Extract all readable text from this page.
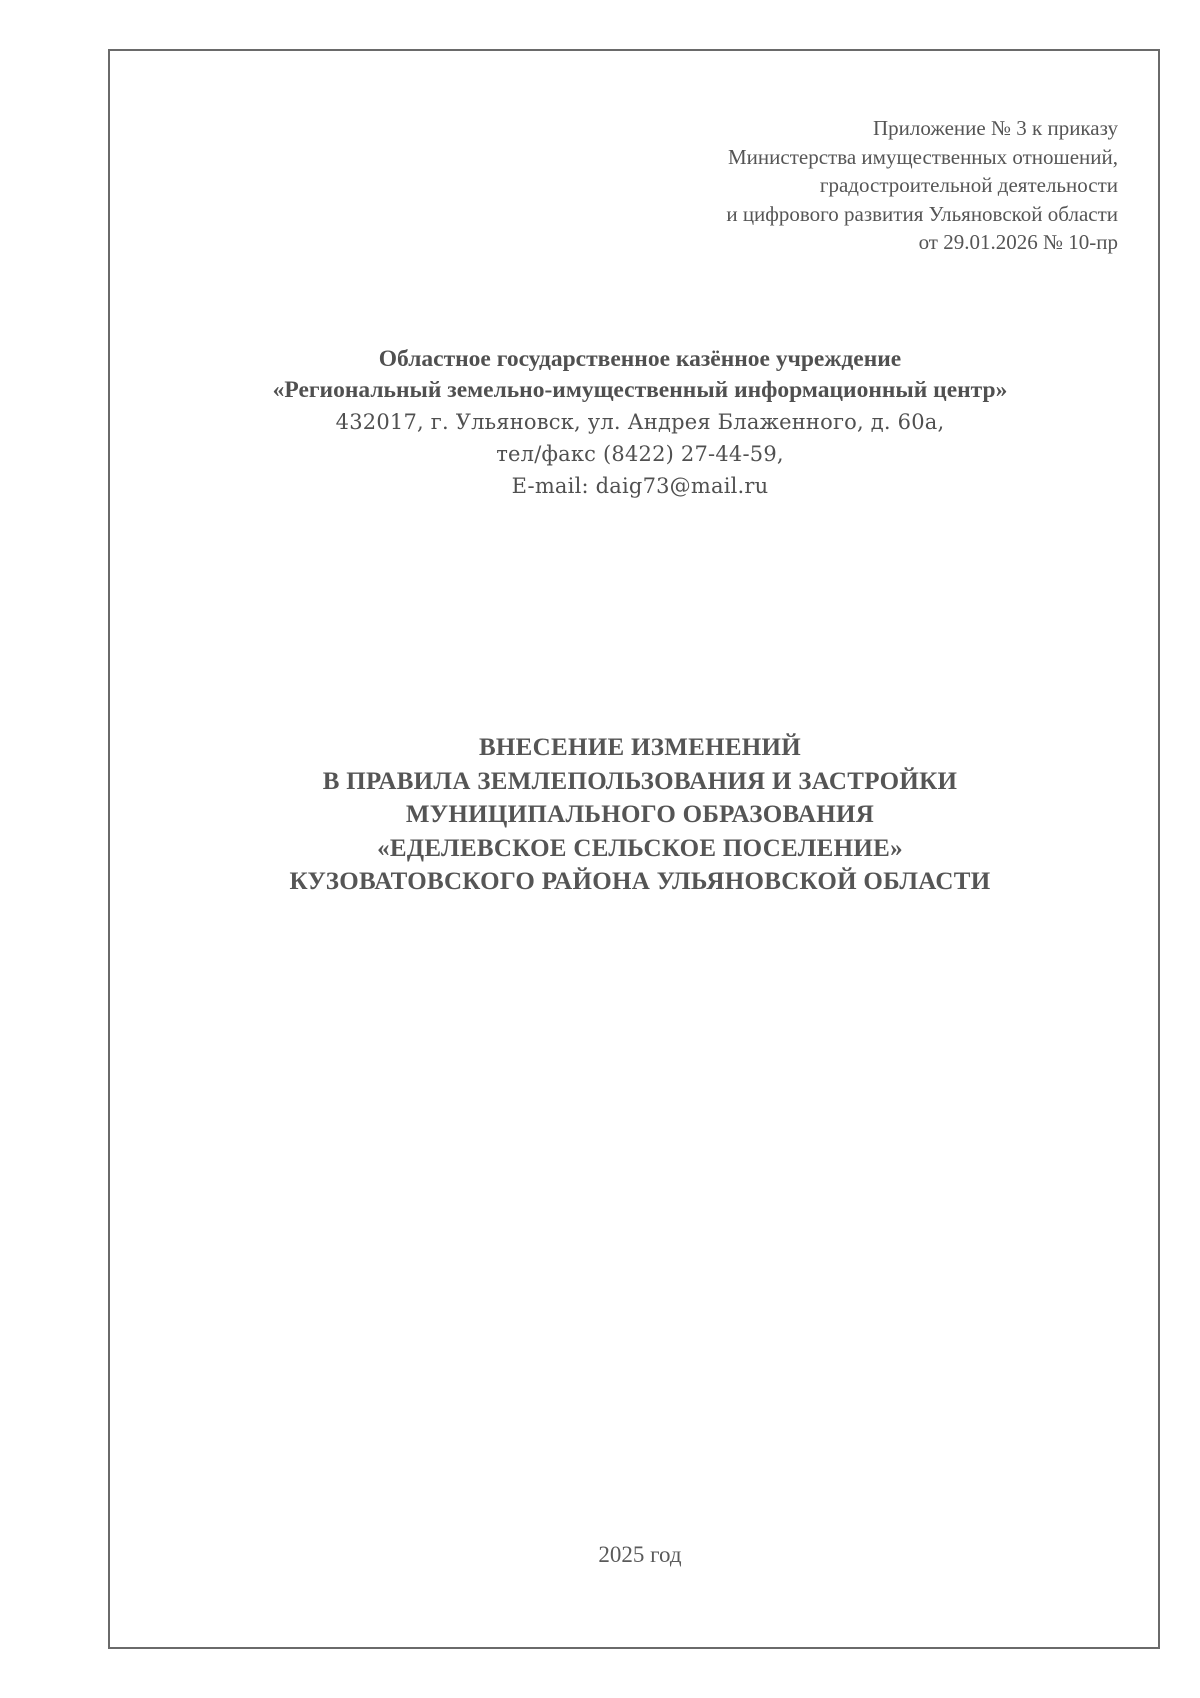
Приложение № 3 к приказу
Министерства имущественных отношений,
градостроительной деятельности
и цифрового развития Ульяновской области
от 29.01.2026 № 10-пр
Областное государственное казённое учреждение
«Региональный земельно-имущественный информационный центр»
432017, г. Ульяновск, ул. Андрея Блаженного, д. 60а,
тел/факс (8422) 27-44-59,
E-mail: daig73@mail.ru
ВНЕСЕНИЕ ИЗМЕНЕНИЙ
В ПРАВИЛА ЗЕМЛЕПОЛЬЗОВАНИЯ И ЗАСТРОЙКИ
МУНИЦИПАЛЬНОГО ОБРАЗОВАНИЯ
«ЕДЕЛЕВСКОЕ СЕЛЬСКОЕ ПОСЕЛЕНИЕ»
КУЗОВАТОВСКОГО РАЙОНА УЛЬЯНОВСКОЙ ОБЛАСТИ
2025 год
